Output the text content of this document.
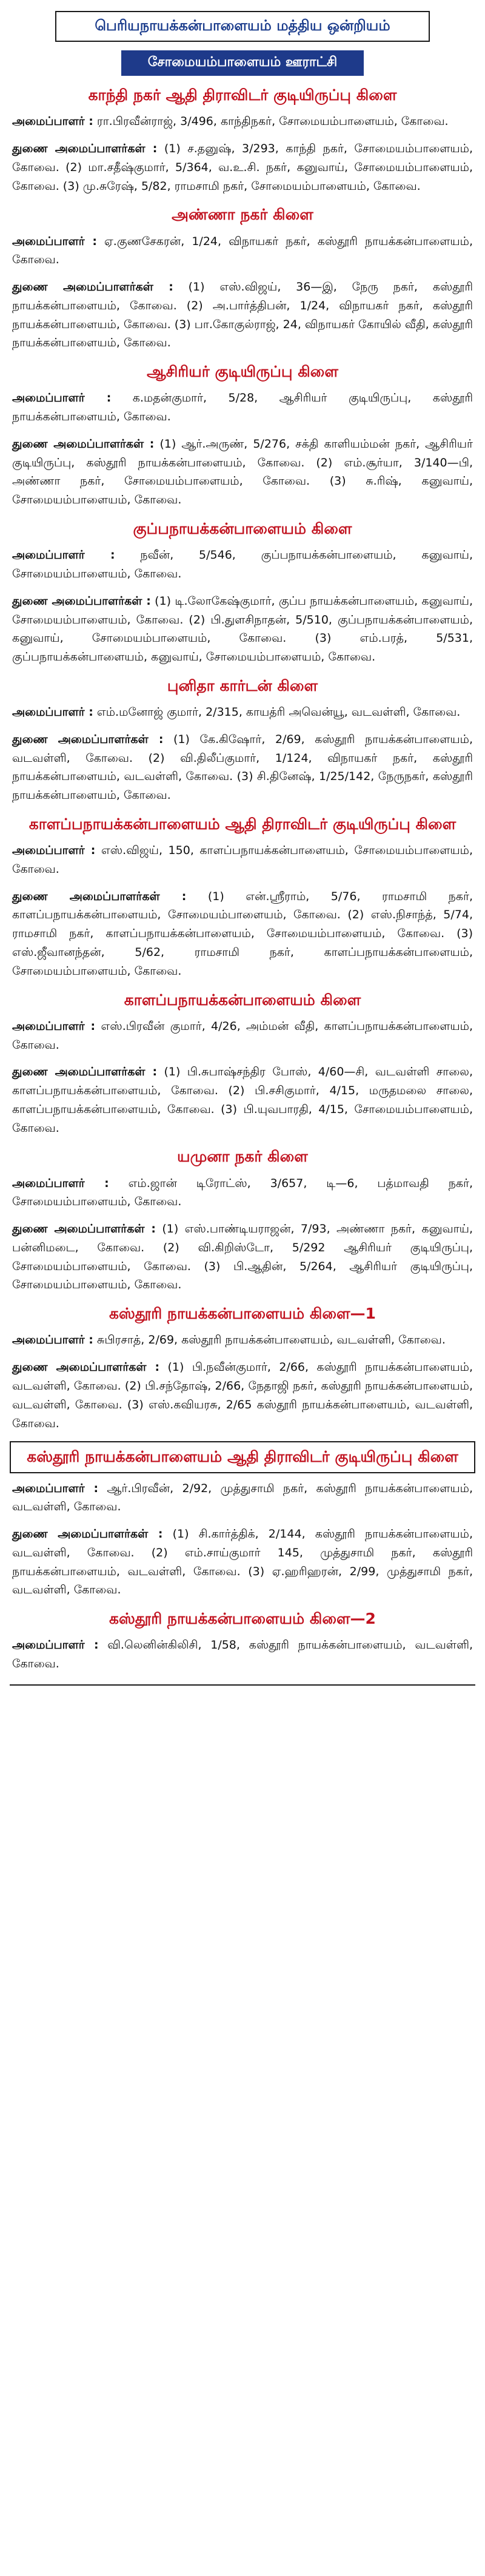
பெரியநாயக்கன்பாளையம் மத்திய ஒன்றியம்
சோமையம்பாளையம் ஊராட்சி
காந்தி நகர் ஆதி திராவிடர் குடியிருப்பு கிளை

அமைப்பாளர் : ரா.பிரவீன்ராஜ், 3/496, காந்திநகர், சோமையம்பாளையம், கோவை.

துணை அமைப்பாளர்கள் : (1) ச.தனுஷ், 3/293, காந்தி நகர், சோமையம்பாளையம், கோவை. (2) மா.சதீஷ்குமார், 5/364, வ.உ.சி. நகர், கனுவாய், சோமையம்பாளையம், கோவை. (3) மு.சுரேஷ், 5/82, ராமசாமி நகர், சோமையம்பாளையம், கோவை.

அண்ணா நகர் கிளை

அமைப்பாளர் : ஏ.குணசேகரன், 1/24, விநாயகர் நகர், கஸ்தூரி நாயக்கன்பாளையம், கோவை.

துணை அமைப்பாளர்கள் : (1) எஸ்.விஜய், 36—இ, நேரு நகர், கஸ்தூரி நாயக்கன்பாளையம், கோவை. (2) அ.பார்த்திபன், 1/24, விநாயகர் நகர், கஸ்தூரி நாயக்கன்பாளையம், கோவை. (3) பா.கோகுல்ராஜ், 24, விநாயகர் கோயில் வீதி, கஸ்தூரி நாயக்கன்பாளையம், கோவை.

ஆசிரியர் குடியிருப்பு கிளை

அமைப்பாளர் : க.மதன்குமார், 5/28, ஆசிரியர் குடியிருப்பு, கஸ்தூரி நாயக்கன்பாளையம், கோவை.

துணை அமைப்பாளர்கள் : (1) ஆர்.அருண், 5/276, சக்தி காளியம்மன் நகர், ஆசிரியர் குடியிருப்பு, கஸ்தூரி நாயக்கன்பாளையம், கோவை. (2) எம்.சூர்யா, 3/140—பி, அண்ணா நகர், சோமையம்பாளையம், கோவை. (3) சு.ரிஷ், கனுவாய், சோமையம்பாளையம், கோவை.

குப்பநாயக்கன்பாளையம் கிளை

அமைப்பாளர் : நவீன், 5/546, குப்பநாயக்கன்பாளையம், கனுவாய், சோமையம்பாளையம், கோவை.

துணை அமைப்பாளர்கள் : (1) டி.லோகேஷ்குமார், குப்ப நாயக்கன்பாளையம், கனுவாய், சோமையம்பாளையம், கோவை. (2) பி.துளசிநாதன், 5/510, குப்பநாயக்கன்பாளையம், கனுவாய், சோமையம்பாளையம், கோவை. (3) எம்.பரத், 5/531, குப்பநாயக்கன்பாளையம், கனுவாய், சோமையம்பாளையம், கோவை.

புனிதா கார்டன் கிளை

அமைப்பாளர் : எம்.மனோஜ் குமார், 2/315, காயத்ரி அவென்யூ, வடவள்ளி, கோவை.

துணை அமைப்பாளர்கள் : (1) கே.கிஷோர், 2/69, கஸ்தூரி நாயக்கன்பாளையம், வடவள்ளி, கோவை. (2) வி.திலீப்குமார், 1/124, விநாயகர் நகர், கஸ்தூரி நாயக்கன்பாளையம், வடவள்ளி, கோவை. (3) சி.தினேஷ், 1/25/142, நேருநகர், கஸ்தூரி நாயக்கன்பாளையம், கோவை.

காளப்பநாயக்கன்பாளையம் ஆதி திராவிடர் குடியிருப்பு கிளை

அமைப்பாளர் : எஸ்.விஜய், 150, காளப்பநாயக்கன்பாளையம், சோமையம்பாளையம், கோவை.

துணை அமைப்பாளர்கள் : (1) என்.ஸ்ரீராம், 5/76, ராமசாமி நகர், காளப்பநாயக்கன்பாளையம், சோமையம்பாளையம், கோவை. (2) எஸ்.நிசாந்த், 5/74, ராமசாமி நகர், காளப்பநாயக்கன்பாளையம், சோமையம்பாளையம், கோவை. (3) எஸ்.ஜீவானந்தன், 5/62, ராமசாமி நகர், காளப்பநாயக்கன்பாளையம், சோமையம்பாளையம், கோவை.

காளப்பநாயக்கன்பாளையம் கிளை

அமைப்பாளர் : எஸ்.பிரவீன் குமார், 4/26, அம்மன் வீதி, காளப்பநாயக்கன்பாளையம், கோவை.

துணை அமைப்பாளர்கள் : (1) பி.சுபாஷ்சந்திர போஸ், 4/60—சி, வடவள்ளி சாலை, காளப்பநாயக்கன்பாளையம், கோவை. (2) பி.சசிகுமார், 4/15, மருதமலை சாலை, காளப்பநாயக்கன்பாளையம், கோவை. (3) பி.யுவபாரதி, 4/15, சோமையம்பாளையம், கோவை.

யமுனா நகர் கிளை

அமைப்பாளர் : எம்.ஜான் டிரோட்ஸ், 3/657, டி—6, பத்மாவதி நகர், சோமையம்பாளையம், கோவை.

துணை அமைப்பாளர்கள் : (1) எஸ்.பாண்டியராஜன், 7/93, அண்ணா நகர், கனுவாய், பன்னிமடை, கோவை. (2) வி.கிறிஸ்டோ, 5/292 ஆசிரியர் குடியிருப்பு, சோமையம்பாளையம், கோவை. (3) பி.ஆதின், 5/264, ஆசிரியர் குடியிருப்பு, சோமையம்பாளையம், கோவை.

கஸ்தூரி நாயக்கன்பாளையம் கிளை—1

அமைப்பாளர் : சுபிரசாத், 2/69, கஸ்தூரி நாயக்கன்பாளையம், வடவள்ளி, கோவை.

துணை அமைப்பாளர்கள் : (1) பி.நவீன்குமார், 2/66, கஸ்தூரி நாயக்கன்பாளையம், வடவள்ளி, கோவை. (2) பி.சந்தோஷ், 2/66, நேதாஜி நகர், கஸ்தூரி நாயக்கன்பாளையம், வடவள்ளி, கோவை. (3) எஸ்.கவியரசு, 2/65 கஸ்தூரி நாயக்கன்பாளையம், வடவள்ளி, கோவை.

கஸ்தூரி நாயக்கன்பாளையம் ஆதி திராவிடர் குடியிருப்பு கிளை

அமைப்பாளர் : ஆர்.பிரவீன், 2/92, முத்துசாமி நகர், கஸ்தூரி நாயக்கன்பாளையம், வடவள்ளி, கோவை.

துணை அமைப்பாளர்கள் : (1) சி.கார்த்திக், 2/144, கஸ்தூரி நாயக்கன்பாளையம், வடவள்ளி, கோவை. (2) எம்.சாய்குமார் 145, முத்துசாமி நகர், கஸ்தூரி நாயக்கன்பாளையம், வடவள்ளி, கோவை. (3) ஏ.ஹரிஹரன், 2/99, முத்துசாமி நகர், வடவள்ளி, கோவை.

கஸ்தூரி நாயக்கன்பாளையம் கிளை—2

அமைப்பாளர் : வி.லெனின்கிலிசி, 1/58, கஸ்தூரி நாயக்கன்பாளையம், வடவள்ளி, கோவை.
